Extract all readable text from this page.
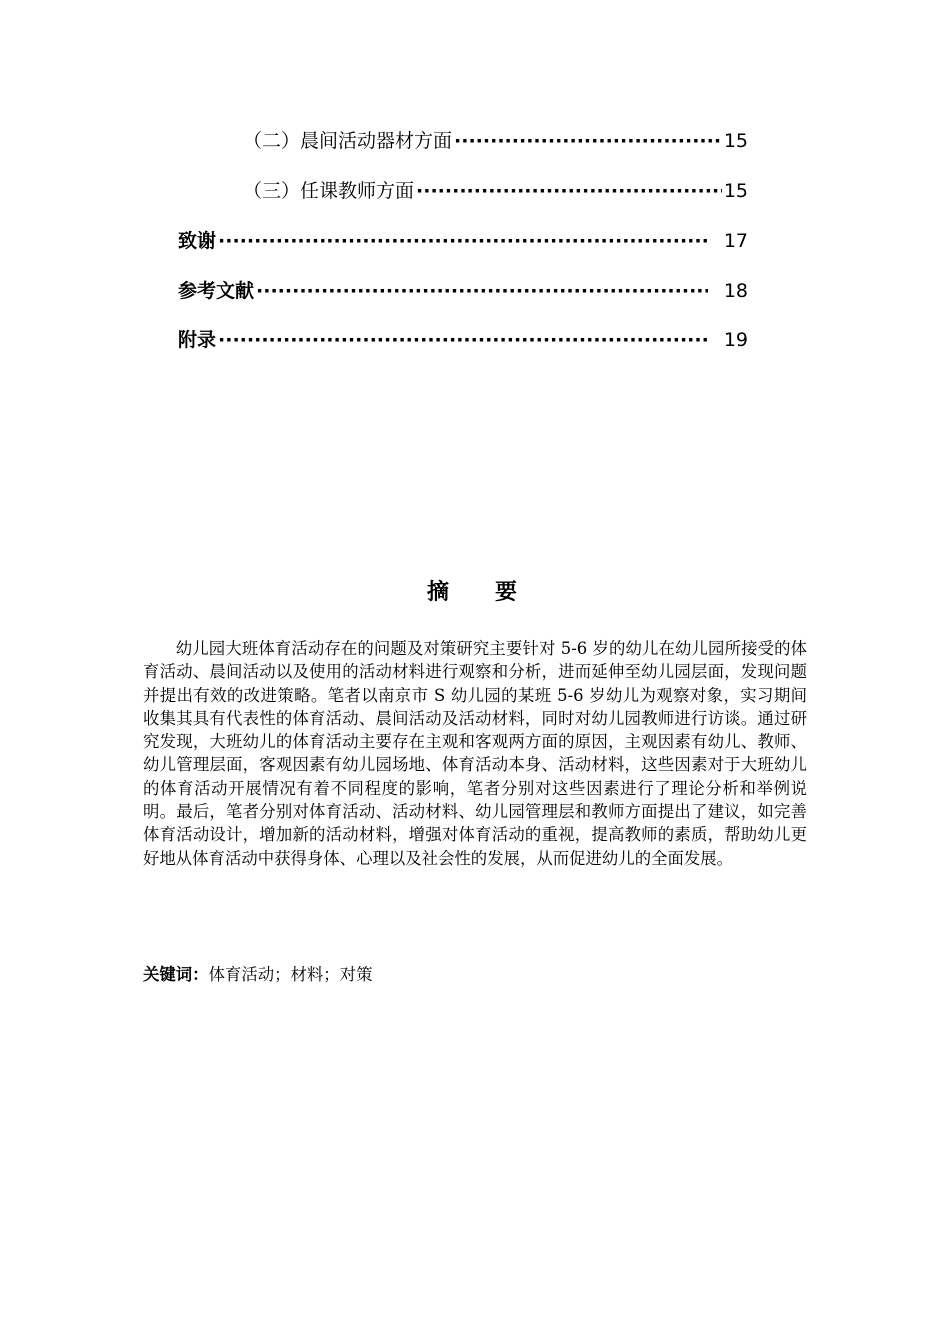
（二）晨间活动器材方面 ·····	15
（三）任课教师方面 ·····	15
致谢 ·····	17
参考文献 ·····	18
附录 ·····	19
摘要

幼儿园大班体育活动存在的问题及对策研究主要针对 5-6 岁的幼儿在幼儿园所接受的体育活动、晨间活动以及使用的活动材料进行观察和分析，进而延伸至幼儿园层面，发现问题并提出有效的改进策略。笔者以南京市 S 幼儿园的某班 5-6 岁幼儿为观察对象，实习期间收集其具有代表性的体育活动、晨间活动及活动材料，同时对幼儿园教师进行访谈。通过研究发现，大班幼儿的体育活动主要存在主观和客观两方面的原因，主观因素有幼儿、教师、幼儿管理层面，客观因素有幼儿园场地、体育活动本身、活动材料，这些因素对于大班幼儿的体育活动开展情况有着不同程度的影响，笔者分别对这些因素进行了理论分析和举例说明。最后，笔者分别对体育活动、活动材料、幼儿园管理层和教师方面提出了建议，如完善体育活动设计，增加新的活动材料，增强对体育活动的重视，提高教师的素质，帮助幼儿更好地从体育活动中获得身体、心理以及社会性的发展，从而促进幼儿的全面发展。

关键词：体育活动；材料；对策
